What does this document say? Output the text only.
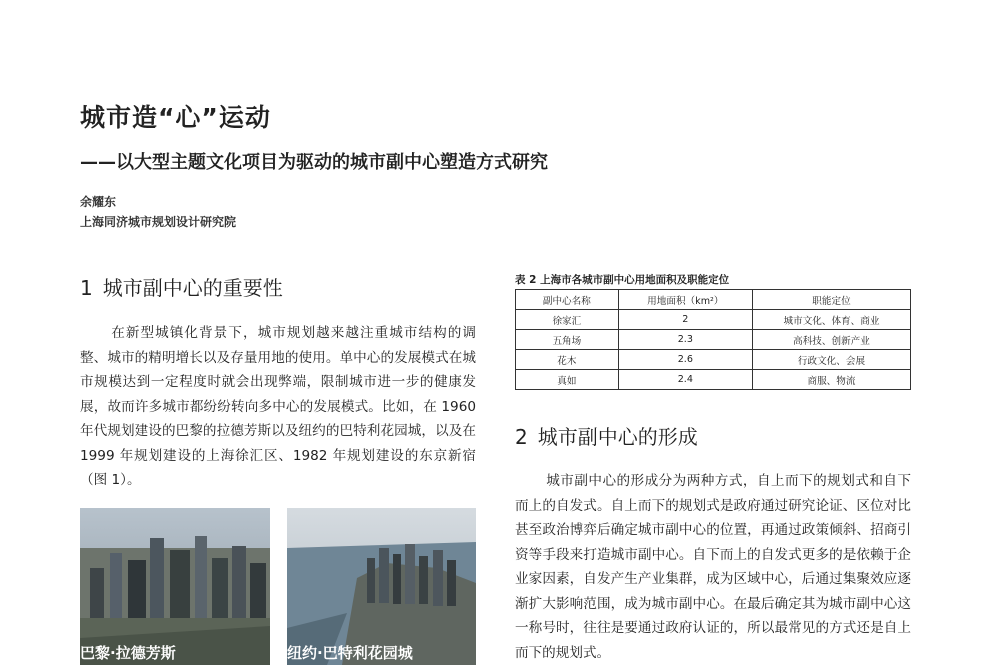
城市造“心”运动
——以大型主题文化项目为驱动的城市副中心塑造方式研究
余耀东
上海同济城市规划设计研究院
1 城市副中心的重要性

在新型城镇化背景下，城市规划越来越注重城市结构的调整、城市的精明增长以及存量用地的使用。单中心的发展模式在城市规模达到一定程度时就会出现弊端，限制城市进一步的健康发展，故而许多城市都纷纷转向多中心的发展模式。比如，在 1960 年代规划建设的巴黎的拉德芳斯以及纽约的巴特利花园城，以及在 1999 年规划建设的上海徐汇区、1982 年规划建设的东京新宿（图 1）。

巴黎·拉德芳斯	纽约·巴特利花园城
表 2 上海市各城市副中心用地面积及职能定位
副中心名称	用地面积（km²）	职能定位
徐家汇	2	城市文化、体育、商业
五角场	2.3	高科技、创新产业
花木	2.6	行政文化、会展
真如	2.4	商服、物流
2 城市副中心的形成

城市副中心的形成分为两种方式，自上而下的规划式和自下而上的自发式。自上而下的规划式是政府通过研究论证、区位对比甚至政治博弈后确定城市副中心的位置，再通过政策倾斜、招商引资等手段来打造城市副中心。自下而上的自发式更多的是依赖于企业家因素，自发产生产业集群，成为区域中心，后通过集聚效应逐渐扩大影响范围，成为城市副中心。在最后确定其为城市副中心这一称号时，往往是要通过政府认证的，所以最常见的方式还是自上而下的规划式。
